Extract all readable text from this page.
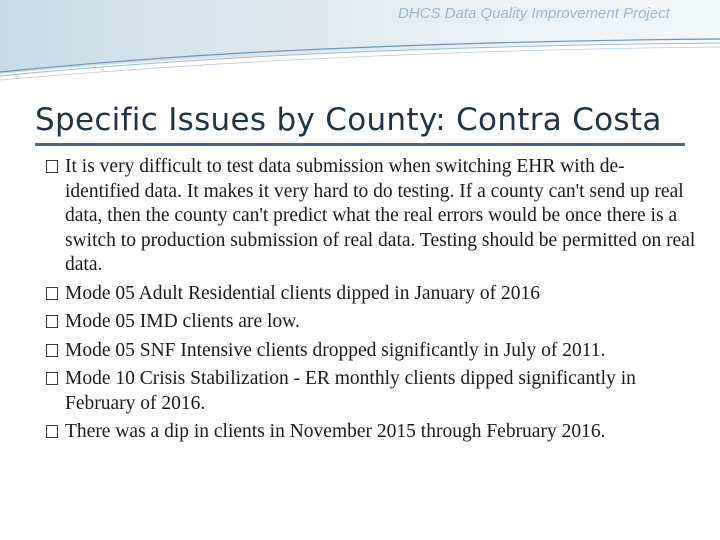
DHCS Data Quality Improvement Project
Specific Issues by County: Contra Costa
It is very difficult to test data submission when switching EHR with de-identified data. It makes it very hard to do testing. If a county can't send up real data, then the county can't predict what the real errors would be once there is a switch to production submission of real data. Testing should be permitted on real data.
Mode 05 Adult Residential clients dipped in January of 2016
Mode 05 IMD clients are low.
Mode 05 SNF Intensive clients dropped significantly in July of 2011.
Mode 10 Crisis Stabilization - ER monthly clients dipped significantly in February of 2016.
There was a dip in clients in November 2015 through February 2016.
